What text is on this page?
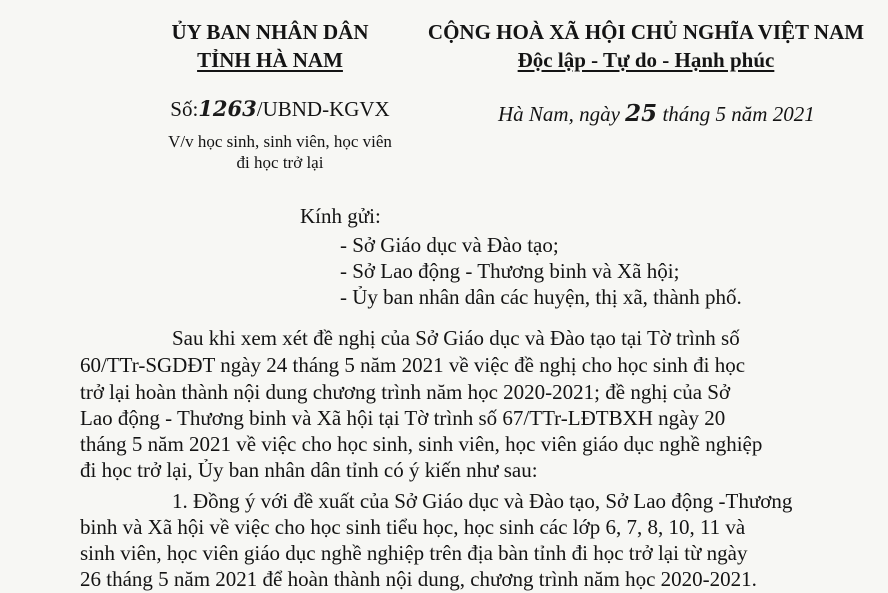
ỦY BAN NHÂN DÂN
TỈNH HÀ NAM
CỘNG HOÀ XÃ HỘI CHỦ NGHĨA VIỆT NAM
Độc lập - Tự do - Hạnh phúc
Số:1263/UBND-KGVX	Hà Nam, ngày 25 tháng 5 năm 2021
V/v học sinh, sinh viên, học viên
đi học trở lại
Kính gửi:
- Sở Giáo dục và Đào tạo;
- Sở Lao động - Thương binh và Xã hội;
- Ủy ban nhân dân các huyện, thị xã, thành phố.
Sau khi xem xét đề nghị của Sở Giáo dục và Đào tạo tại Tờ trình số
60/TTr-SGDĐT ngày 24 tháng 5 năm 2021 về việc đề nghị cho học sinh đi học
trở lại hoàn thành nội dung chương trình năm học 2020-2021; đề nghị của Sở
Lao động - Thương binh và Xã hội tại Tờ trình số 67/TTr-LĐTBXH ngày 20
tháng 5 năm 2021 về việc cho học sinh, sinh viên, học viên giáo dục nghề nghiệp
đi học trở lại, Ủy ban nhân dân tỉnh có ý kiến như sau:
1. Đồng ý với đề xuất của Sở Giáo dục và Đào tạo, Sở Lao động -Thương
binh và Xã hội về việc cho học sinh tiểu học, học sinh các lớp 6, 7, 8, 10, 11 và
sinh viên, học viên giáo dục nghề nghiệp trên địa bàn tỉnh đi học trở lại từ ngày
26 tháng 5 năm 2021 để hoàn thành nội dung, chương trình năm học 2020-2021.
